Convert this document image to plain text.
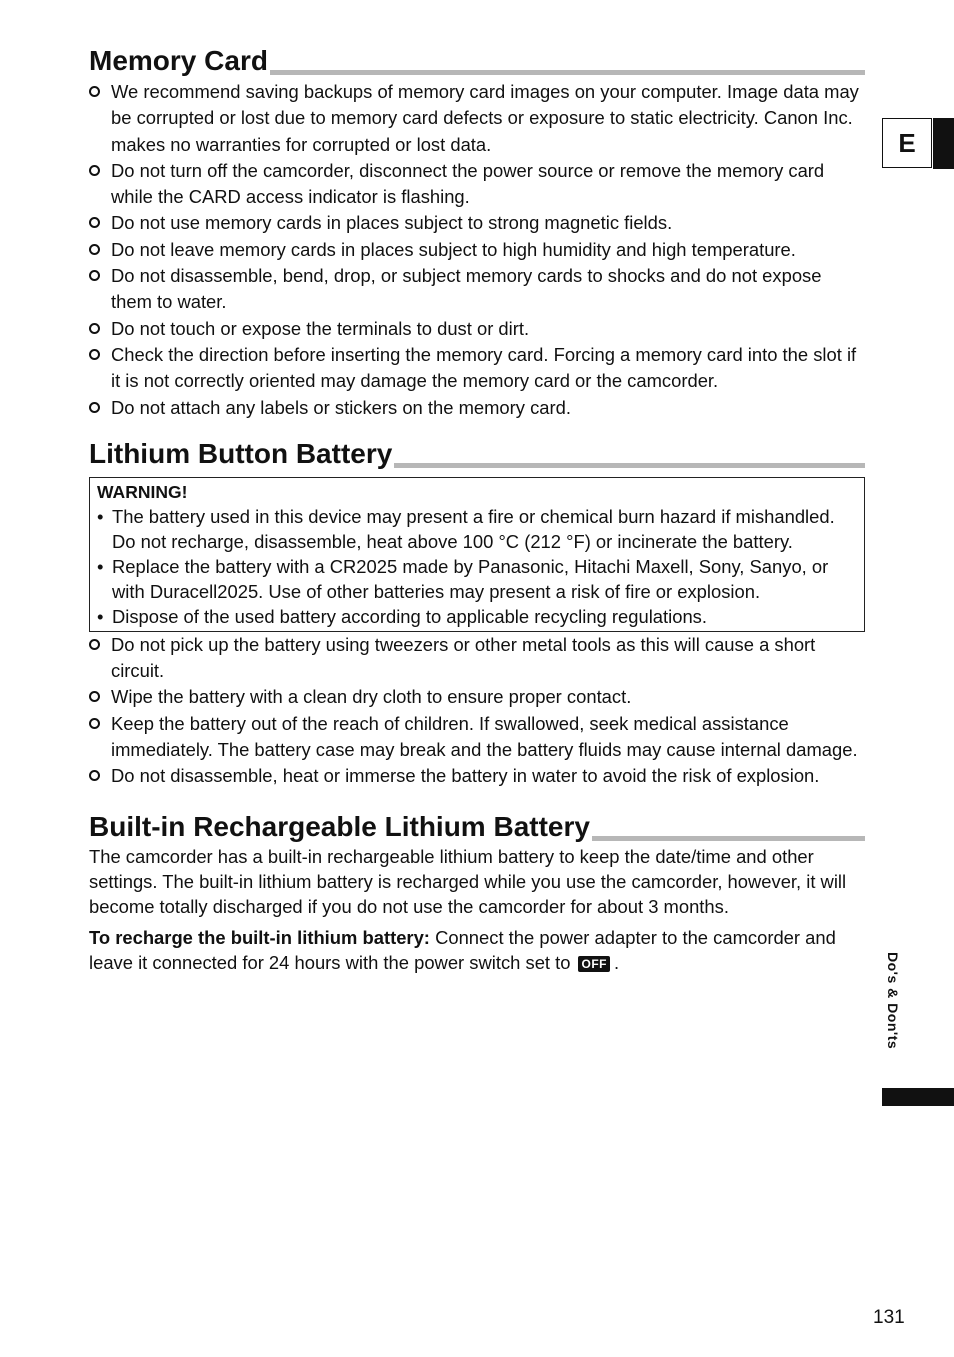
Memory Card
We recommend saving backups of memory card images on your computer. Image data may be corrupted or lost due to memory card defects or exposure to static electricity. Canon Inc. makes no warranties for corrupted or lost data.
Do not turn off the camcorder, disconnect the power source or remove the memory card while the CARD access indicator is flashing.
Do not use memory cards in places subject to strong magnetic fields.
Do not leave memory cards in places subject to high humidity and high temperature.
Do not disassemble, bend, drop, or subject memory cards to shocks and do not expose them to water.
Do not touch or expose the terminals to dust or dirt.
Check the direction before inserting the memory card. Forcing a memory card into the slot if it is not correctly oriented may damage the memory card or the camcorder.
Do not attach any labels or stickers on the memory card.
Lithium Button Battery
WARNING!
• The battery used in this device may present a fire or chemical burn hazard if mishandled. Do not recharge, disassemble, heat above 100 °C (212 °F) or incinerate the battery.
• Replace the battery with a CR2025 made by Panasonic, Hitachi Maxell, Sony, Sanyo, or with Duracell2025. Use of other batteries may present a risk of fire or explosion.
• Dispose of the used battery according to applicable recycling regulations.
Do not pick up the battery using tweezers or other metal tools as this will cause a short circuit.
Wipe the battery with a clean dry cloth to ensure proper contact.
Keep the battery out of the reach of children. If swallowed, seek medical assistance immediately. The battery case may break and the battery fluids may cause internal damage.
Do not disassemble, heat or immerse the battery in water to avoid the risk of explosion.
Built-in Rechargeable Lithium Battery

The camcorder has a built-in rechargeable lithium battery to keep the date/time and other settings. The built-in lithium battery is recharged while you use the camcorder, however, it will become totally discharged if you do not use the camcorder for about 3 months.

To recharge the built-in lithium battery: Connect the power adapter to the camcorder and leave it connected for 24 hours with the power switch set to OFF .

E
Do's & Don'ts
131
